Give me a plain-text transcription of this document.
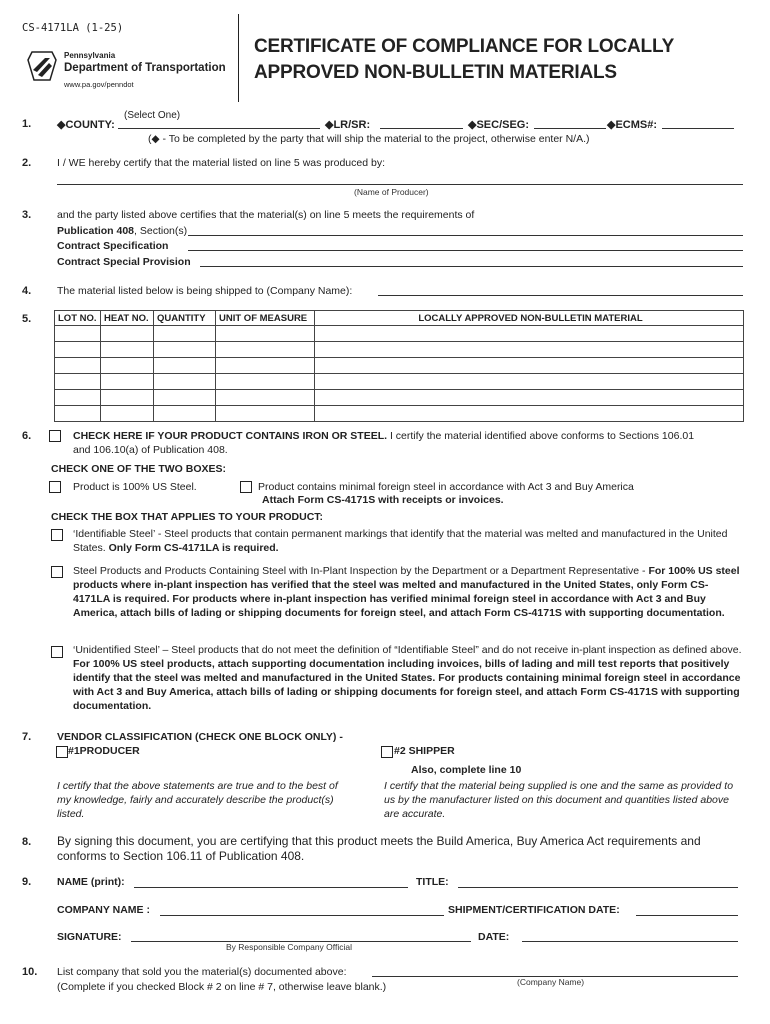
CS-4171LA (1-25)
Pennsylvania
Department of Transportation
www.pa.gov/penndot
CERTIFICATE OF COMPLIANCE FOR LOCALLY
APPROVED NON-BULLETIN MATERIALS
1. ◆COUNTY:
(Select One)
◆LR/SR:	◆SEC/SEG:	◆ECMS#:
(◆ - To be completed by the party that will ship the material to the project, otherwise enter N/A.)
2. I / WE hereby certify that the material listed on line 5 was produced by:
(Name of Producer)
3. and the party listed above certifies that the material(s) on line 5 meets the requirements of
Publication 408, Section(s)
Contract Specification
Contract Special Provision
4. The material listed below is being shipped to (Company Name):
5.	LOT NO.	HEAT NO.	QUANTITY	UNIT OF MEASURE	LOCALLY APPROVED NON-BULLETIN MATERIAL

6.	CHECK HERE IF YOUR PRODUCT CONTAINS IRON OR STEEL. I certify the material identified above conforms to Sections 106.01
and 106.10(a) of Publication 408.
CHECK ONE OF THE TWO BOXES:
Product is 100% US Steel.	Product contains minimal foreign steel in accordance with Act 3 and Buy America
Attach Form CS-4171S with receipts or invoices.
CHECK THE BOX THAT APPLIES TO YOUR PRODUCT:
‘Identifiable Steel’ - Steel products that contain permanent markings that identify that the material was melted and manufactured in the United States. Only Form CS-4171LA is required.
Steel Products and Products Containing Steel with In-Plant Inspection by the Department or a Department Representative - For 100% US steel products where in-plant inspection has verified that the steel was melted and manufactured in the United States, only Form CS-4171LA is required. For products where in-plant inspection has verified minimal foreign steel in accordance with Act 3 and Buy America, attach bills of lading or shipping documents for foreign steel, and attach Form CS-4171S with supporting documentation.
‘Unidentified Steel’ – Steel products that do not meet the definition of “Identifiable Steel” and do not receive in-plant inspection as defined above. For 100% US steel products, attach supporting documentation including invoices, bills of lading and mill test reports that positively identify that the steel was melted and manufactured in the United States. For products containing minimal foreign steel in accordance with Act 3 and Buy America, attach bills of lading or shipping documents for foreign steel, and attach Form CS-4171S with supporting documentation.
7. VENDOR CLASSIFICATION (CHECK ONE BLOCK ONLY) -
#1PRODUCER	#2 SHIPPER
Also, complete line 10
I certify that the above statements are true and to the best of my knowledge, fairly and accurately describe the product(s) listed.
I certify that the material being supplied is one and the same as provided to us by the manufacturer listed on this document and quantities listed above are accurate.
8. By signing this document, you are certifying that this product meets the Build America, Buy America Act requirements and conforms to Section 106.11 of Publication 408.
9. NAME (print):	TITLE:
COMPANY NAME :	SHIPMENT/CERTIFICATION DATE:
SIGNATURE:
By Responsible Company Official
DATE:
10. List company that sold you the material(s) documented above:
(Complete if you checked Block # 2 on line # 7, otherwise leave blank.)	(Company Name)
